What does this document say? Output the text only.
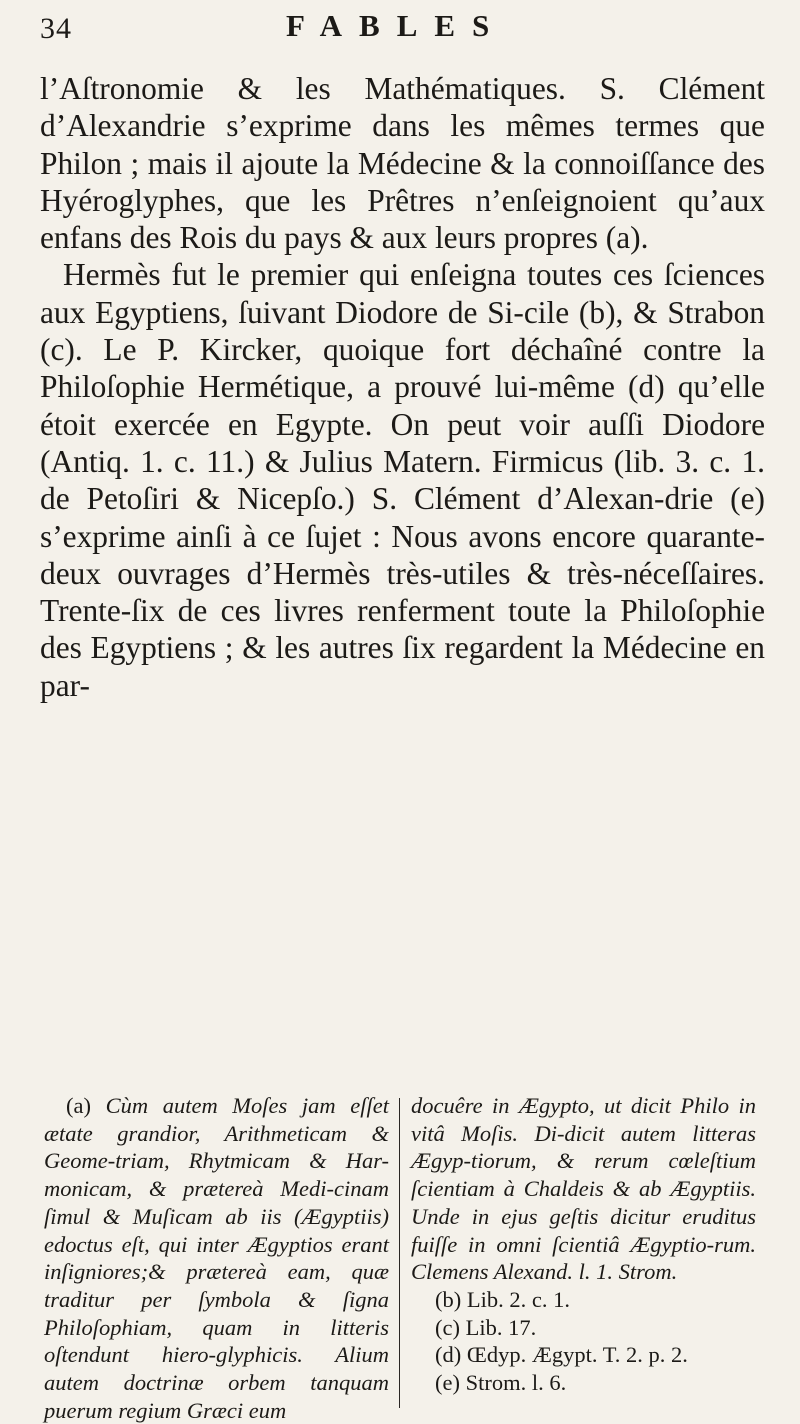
34	FABLES

l’Aſtronomie & les Mathématiques. S. Clément d’Alexandrie s’exprime dans les mêmes termes que Philon ; mais il ajoute la Médecine & la connoiſſance des Hyéroglyphes, que les Prêtres n’enſeignoient qu’aux enfans des Rois du pays & aux leurs propres (a).

Hermès fut le premier qui enſeigna toutes ces ſciences aux Egyptiens, ſuivant Diodore de Si-cile (b), & Strabon (c). Le P. Kircker, quoique fort déchaîné contre la Philoſophie Hermétique, a prouvé lui-même (d) qu’elle étoit exercée en Egypte. On peut voir auſſi Diodore (Antiq. 1. c. 11.) & Julius Matern. Firmicus (lib. 3. c. 1. de Petoſiri & Nicepſo.) S. Clément d’Alexan-drie (e) s’exprime ainſi à ce ſujet : Nous avons encore quarante-deux ouvrages d’Hermès très-utiles & très-néceſſaires. Trente-ſix de ces livres renferment toute la Philoſophie des Egyptiens ; & les autres ſix regardent la Médecine en par-

(a) Cùm autem Moſes jam eſſet ætate grandior, Arithmeticam & Geome-triam, Rhytmicam & Har-monicam, & prætereà Medi-cinam ſimul & Muſicam ab iis (Ægyptiis) edoctus eſt, qui inter Ægyptios erant inſigniores;& prætereà eam, quæ traditur per ſymbola & ſigna Philoſophiam, quam in litteris oſtendunt hiero-glyphicis. Alium autem doctrinæ orbem tanquam puerum regium Græci eum

docuêre in Ægypto, ut dicit Philo in vitâ Moſis. Di-dicit autem litteras Ægyp-tiorum, & rerum cœleſtium ſcientiam à Chaldeis & ab Ægyptiis. Unde in ejus geſtis dicitur eruditus fuiſſe in omni ſcientiâ Ægyptio-rum. Clemens Alexand. l. 1. Strom.

(b) Lib. 2. c. 1.

(c) Lib. 17.

(d) Œdyp. Ægypt. T. 2. p. 2.

(e) Strom. l. 6.
